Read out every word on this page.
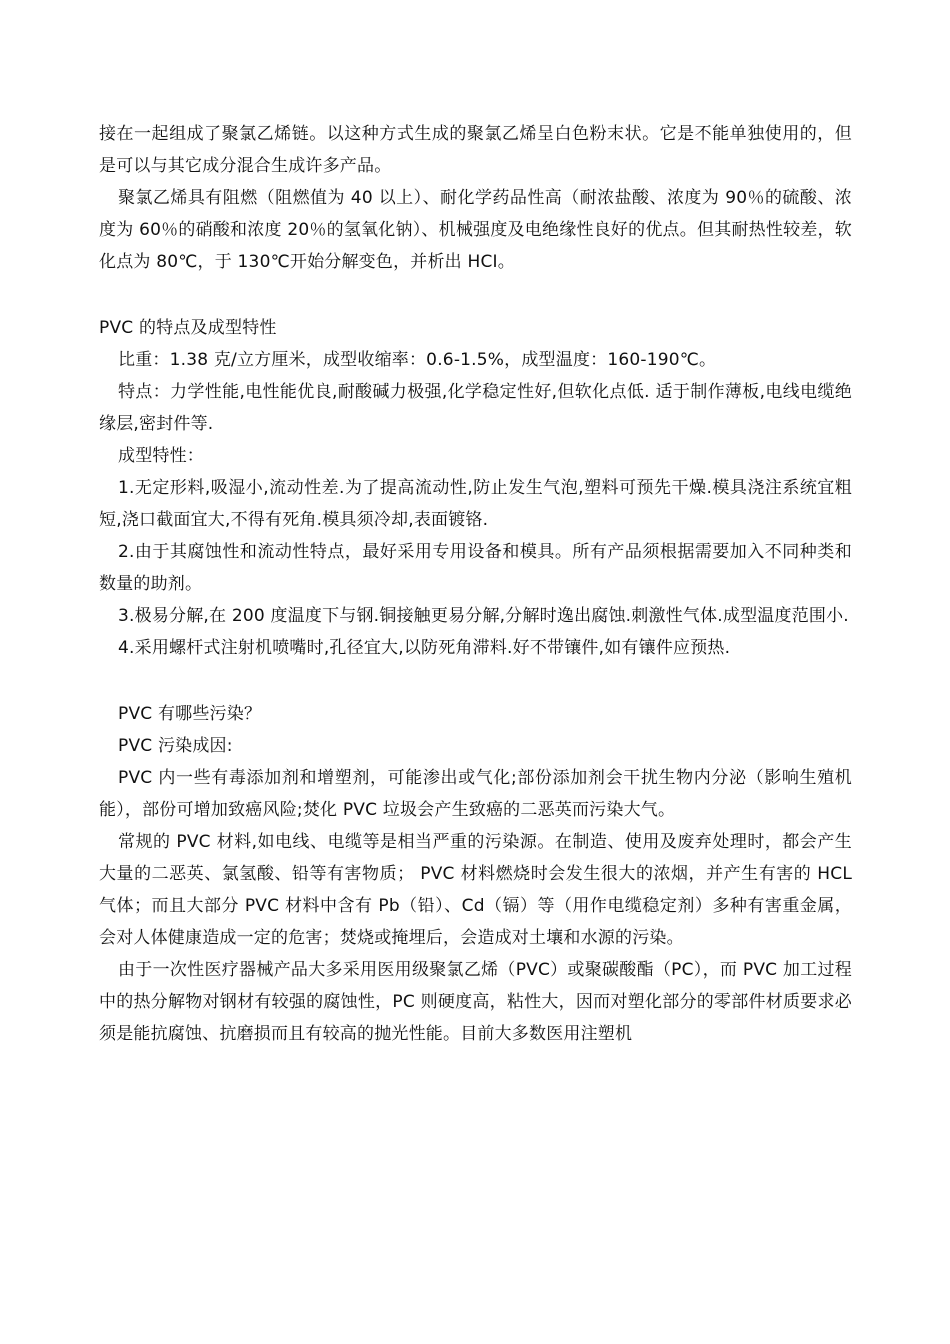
接在一起组成了聚氯乙烯链。以这种方式生成的聚氯乙烯呈白色粉末状。它是不能单独使用的，但是可以与其它成分混合生成许多产品。

聚氯乙烯具有阻燃（阻燃值为 40 以上）、耐化学药品性高（耐浓盐酸、浓度为 90％的硫酸、浓度为 60％的硝酸和浓度 20％的氢氧化钠）、机械强度及电绝缘性良好的优点。但其耐热性较差，软化点为 80℃，于 130℃开始分解变色，并析出 HCI。

PVC 的特点及成型特性

比重：1.38 克/立方厘米，成型收缩率：0.6-1.5%，成型温度：160-190℃。

特点：力学性能,电性能优良,耐酸碱力极强,化学稳定性好,但软化点低. 适于制作薄板,电线电缆绝缘层,密封件等.

成型特性：

1.无定形料,吸湿小,流动性差.为了提高流动性,防止发生气泡,塑料可预先干燥.模具浇注系统宜粗短,浇口截面宜大,不得有死角.模具须冷却,表面镀铬.

2.由于其腐蚀性和流动性特点，最好采用专用设备和模具。所有产品须根据需要加入不同种类和数量的助剂。

3.极易分解,在 200 度温度下与钢.铜接触更易分解,分解时逸出腐蚀.刺激性气体.成型温度范围小.

4.采用螺杆式注射机喷嘴时,孔径宜大,以防死角滞料.好不带镶件,如有镶件应预热.

PVC 有哪些污染？

PVC 污染成因:

PVC 内一些有毒添加剂和增塑剂，可能渗出或气化;部份添加剂会干扰生物内分泌（影响生殖机能），部份可增加致癌风险;焚化 PVC 垃圾会产生致癌的二恶英而污染大气。

常规的 PVC 材料,如电线、电缆等是相当严重的污染源。在制造、使用及废弃处理时，都会产生大量的二恶英、氯氢酸、铅等有害物质； PVC 材料燃烧时会发生很大的浓烟，并产生有害的 HCL 气体；而且大部分 PVC 材料中含有 Pb（铅）、Cd（镉）等（用作电缆稳定剂）多种有害重金属，会对人体健康造成一定的危害；焚烧或掩埋后，会造成对土壤和水源的污染。

由于一次性医疗器械产品大多采用医用级聚氯乙烯（PVC）或聚碳酸酯（PC），而 PVC 加工过程中的热分解物对钢材有较强的腐蚀性，PC 则硬度高，粘性大，因而对塑化部分的零部件材质要求必须是能抗腐蚀、抗磨损而且有较高的抛光性能。目前大多数医用注塑机
